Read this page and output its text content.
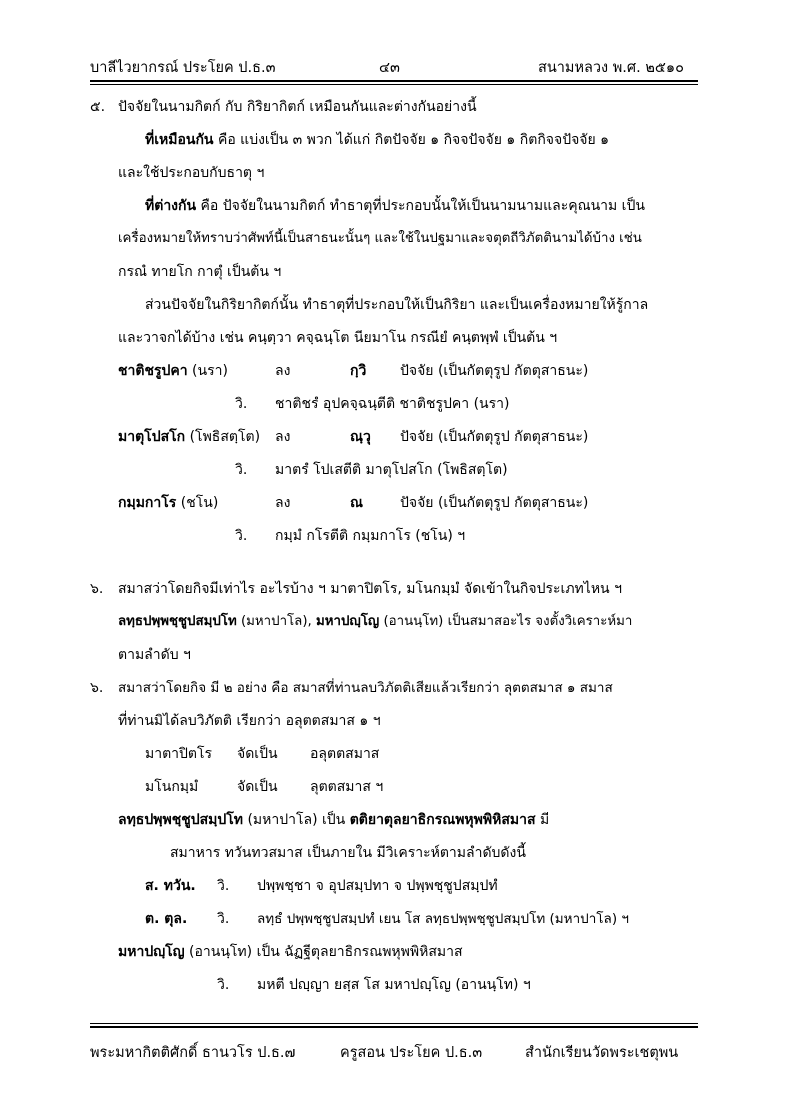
บาลีไวยากรณ์ ประโยค ป.ธ.๓	๔๓	สนามหลวง พ.ศ. ๒๕๑๐
๕. ปัจจัยในนามกิตก์ กับ กิริยากิตก์ เหมือนกันและต่างกันอย่างนี้
ที่เหมือนกัน คือ แบ่งเป็น ๓ พวก ได้แก่ กิตปัจจัย ๑ กิจจปัจจัย ๑ กิตกิจจปัจจัย ๑
และใช้ประกอบกับธาตุ ฯ
ที่ต่างกัน คือ ปัจจัยในนามกิตก์ ทำธาตุที่ประกอบนั้นให้เป็นนามนามและคุณนาม เป็น
เครื่องหมายให้ทราบว่าศัพท์นี้เป็นสาธนะนั้นๆ และใช้ในปฐมาและจตุตถีวิภัตตินามได้บ้าง เช่น
กรณํ ทายโก กาตุํ เป็นต้น ฯ
ส่วนปัจจัยในกิริยากิตก์นั้น ทำธาตุที่ประกอบให้เป็นกิริยา และเป็นเครื่องหมายให้รู้กาล
และวาจกได้บ้าง เช่น คนฺตฺวา คจฺฉนฺโต นียมาโน กรณียํ คนฺตพฺพํ เป็นต้น ฯ
ชาติชรูปคา (นรา)	ลง	กฺวิ ปัจจัย (เป็นกัตตุรูป กัตตุสาธนะ)
วิ. ชาติชรํ อุปคจฺฉนฺตีติ ชาติชรูปคา (นรา)
มาตุโปสโก (โพธิสตฺโต) ลง	ณฺวุ ปัจจัย (เป็นกัตตุรูป กัตตุสาธนะ)
วิ. มาตรํ โปเสตีติ มาตุโปสโก (โพธิสตฺโต)
กมฺมกาโร (ชโน)	ลง	ณ	ปัจจัย (เป็นกัตตุรูป กัตตุสาธนะ)
วิ. กมฺมํ กโรตีติ กมฺมกาโร (ชโน) ฯ
๖. สมาสว่าโดยกิจมีเท่าไร อะไรบ้าง ฯ มาตาปิตโร, มโนกมฺมํ จัดเข้าในกิจประเภทไหน ฯ
ลทฺธปพฺพชฺชูปสมฺปโท (มหาปาโล), มหาปญฺโญ (อานนฺโท) เป็นสมาสอะไร จงตั้งวิเคราะห์มา
ตามลำดับ ฯ
๖. สมาสว่าโดยกิจ มี ๒ อย่าง คือ สมาสที่ท่านลบวิภัตติเสียแล้วเรียกว่า ลุตตสมาส ๑ สมาส
ที่ท่านมิได้ลบวิภัตติ เรียกว่า อลุตตสมาส ๑ ฯ
มาตาปิตโร จัดเป็น อลุตตสมาส
มโนกมฺมํ	จัดเป็น ลุตตสมาส ฯ
ลทฺธปพฺพชฺชูปสมฺปโท (มหาปาโล) เป็น ตติยาตุลยาธิกรณพหุพพิหิสมาส มี
สมาหาร ทวันทวสมาส เป็นภายใน มีวิเคราะห์ตามลำดับดังนี้
ส. ทวัน. วิ. ปพฺพชฺชา จ อุปสมฺปทา จ ปพฺพชฺชูปสมฺปทํ
ต. ตุล. วิ. ลทฺธํ ปพฺพชฺชูปสมฺปทํ เยน โส ลทฺธปพฺพชฺชูปสมฺปโท (มหาปาโล) ฯ
มหาปญฺโญ (อานนฺโท) เป็น ฉัฏฐีตุลยาธิกรณพหุพพิหิสมาส
วิ. มหตี ปญฺญา ยสฺส โส มหาปญฺโญ (อานนฺโท) ฯ
พระมหากิตติศักดิ์ ธานวโร ป.ธ.๗	ครูสอน ประโยค ป.ธ.๓	สำนักเรียนวัดพระเชตุพน
